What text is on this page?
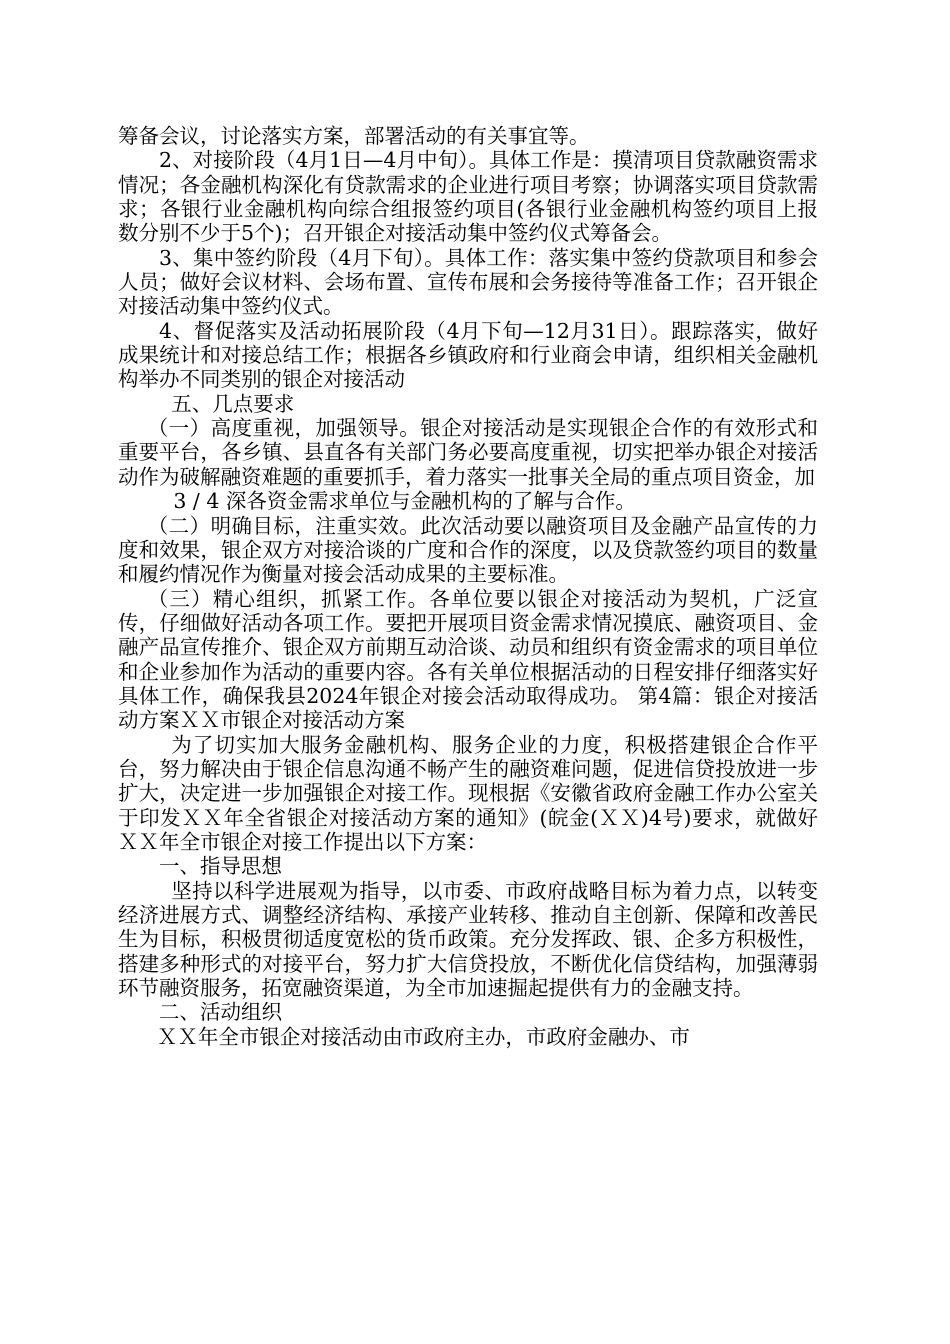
筹备会议，讨论落实方案，部署活动的有关事宜等。

2、对接阶段（4月1日—4月中旬）。具体工作是：摸清项目贷款融资需求情况；各金融机构深化有贷款需求的企业进行项目考察；协调落实项目贷款需求；各银行业金融机构向综合组报签约项目(各银行业金融机构签约项目上报数分别不少于5个)；召开银企对接活动集中签约仪式筹备会。

3、集中签约阶段（4月下旬）。具体工作：落实集中签约贷款项目和参会人员；做好会议材料、会场布置、宣传布展和会务接待等准备工作；召开银企对接活动集中签约仪式。

4、督促落实及活动拓展阶段（4月下旬—12月31日）。跟踪落实，做好成果统计和对接总结工作；根据各乡镇政府和行业商会申请，组织相关金融机构举办不同类别的银企对接活动

五、几点要求

（一）高度重视，加强领导。银企对接活动是实现银企合作的有效形式和重要平台，各乡镇、县直各有关部门务必要高度重视，切实把举办银企对接活动作为破解融资难题的重要抓手，着力落实一批事关全局的重点项目资金，加

3 / 4 深各资金需求单位与金融机构的了解与合作。

（二）明确目标，注重实效。此次活动要以融资项目及金融产品宣传的力度和效果，银企双方对接洽谈的广度和合作的深度，以及贷款签约项目的数量和履约情况作为衡量对接会活动成果的主要标准。

（三）精心组织，抓紧工作。各单位要以银企对接活动为契机，广泛宣传，仔细做好活动各项工作。要把开展项目资金需求情况摸底、融资项目、金融产品宣传推介、银企双方前期互动洽谈、动员和组织有资金需求的项目单位和企业参加作为活动的重要内容。各有关单位根据活动的日程安排仔细落实好具体工作，确保我县2024年银企对接会活动取得成功。 第4篇：银企对接活动方案ＸＸ市银企对接活动方案

为了切实加大服务金融机构、服务企业的力度，积极搭建银企合作平台，努力解决由于银企信息沟通不畅产生的融资难问题，促进信贷投放进一步扩大，决定进一步加强银企对接工作。现根据《安徽省政府金融工作办公室关于印发ＸＸ年全省银企对接活动方案的通知》(皖金(ＸＸ)4号)要求，就做好ＸＸ年全市银企对接工作提出以下方案：

一、指导思想

坚持以科学进展观为指导，以市委、市政府战略目标为着力点，以转变经济进展方式、调整经济结构、承接产业转移、推动自主创新、保障和改善民生为目标，积极贯彻适度宽松的货币政策。充分发挥政、银、企多方积极性，搭建多种形式的对接平台，努力扩大信贷投放，不断优化信贷结构，加强薄弱环节融资服务，拓宽融资渠道，为全市加速掘起提供有力的金融支持。

二、活动组织

ＸＸ年全市银企对接活动由市政府主办，市政府金融办、市
